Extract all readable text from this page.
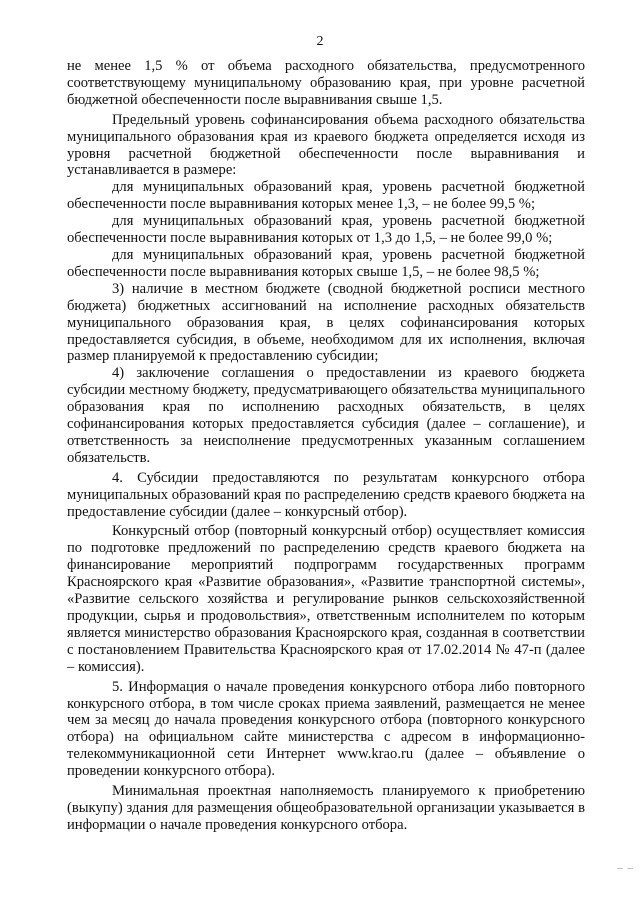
2

не менее 1,5 % от объема расходного обязательства, предусмотренного соответствующему муниципальному образованию края, при уровне расчетной бюджетной обеспеченности после выравнивания свыше 1,5.

Предельный уровень софинансирования объема расходного обязательства муниципального образования края из краевого бюджета определяется исходя из уровня расчетной бюджетной обеспеченности после выравнивания и устанавливается в размере:

для муниципальных образований края, уровень расчетной бюджетной обеспеченности после выравнивания которых менее 1,3, – не более 99,5 %;

для муниципальных образований края, уровень расчетной бюджетной обеспеченности после выравнивания которых от 1,3 до 1,5, – не более 99,0 %;

для муниципальных образований края, уровень расчетной бюджетной обеспеченности после выравнивания которых свыше 1,5, – не более 98,5 %;

3) наличие в местном бюджете (сводной бюджетной росписи местного бюджета) бюджетных ассигнований на исполнение расходных обязательств муниципального образования края, в целях софинансирования которых предоставляется субсидия, в объеме, необходимом для их исполнения, включая размер планируемой к предоставлению субсидии;

4) заключение соглашения о предоставлении из краевого бюджета субсидии местному бюджету, предусматривающего обязательства муниципального образования края по исполнению расходных обязательств, в целях софинансирования которых предоставляется субсидия (далее – соглашение), и ответственность за неисполнение предусмотренных указанным соглашением обязательств.

4. Субсидии предоставляются по результатам конкурсного отбора муниципальных образований края по распределению средств краевого бюджета на предоставление субсидии (далее – конкурсный отбор).

Конкурсный отбор (повторный конкурсный отбор) осуществляет комиссия по подготовке предложений по распределению средств краевого бюджета на финансирование мероприятий подпрограмм государственных программ Красноярского края «Развитие образования», «Развитие транспортной системы», «Развитие сельского хозяйства и регулирование рынков сельскохозяйственной продукции, сырья и продовольствия», ответственным исполнителем по которым является министерство образования Красноярского края, созданная в соответствии с постановлением Правительства Красноярского края от 17.02.2014 № 47-п (далее – комиссия).

5. Информация о начале проведения конкурсного отбора либо повторного конкурсного отбора, в том числе сроках приема заявлений, размещается не менее чем за месяц до начала проведения конкурсного отбора (повторного конкурсного отбора) на официальном сайте министерства с адресом в информационно-телекоммуникационной сети Интернет www.krao.ru (далее – объявление о проведении конкурсного отбора).

Минимальная проектная наполняемость планируемого к приобретению (выкупу) здания для размещения общеобразовательной организации указывается в информации о начале проведения конкурсного отбора.

– –
